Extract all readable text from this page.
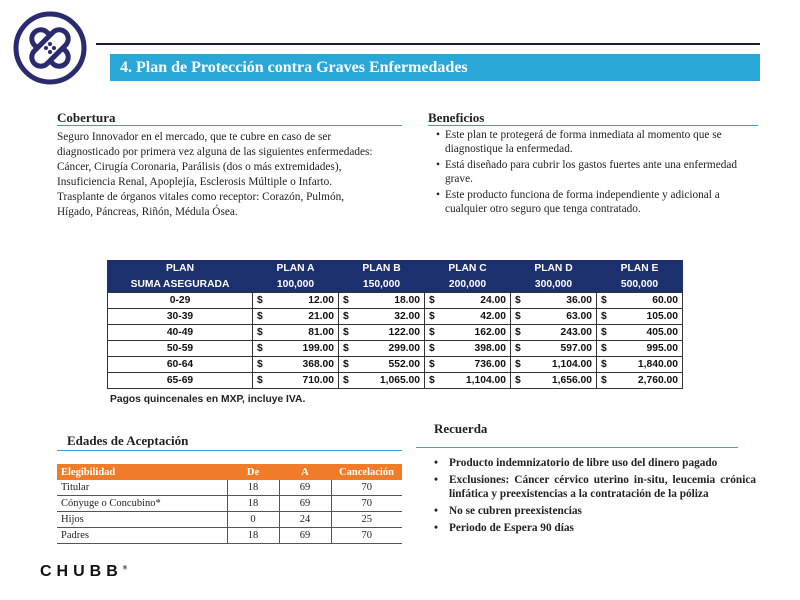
4. Plan de Protección contra Graves Enfermedades
Cobertura
Seguro Innovador en el mercado, que te cubre en caso de ser diagnosticado por primera vez alguna de las siguientes enfermedades: Cáncer, Cirugía Coronaria, Parálisis (dos o más extremidades), Insuficiencia Renal, Apoplejía, Esclerosis Múltiple o Infarto.
Trasplante de órganos vitales como receptor: Corazón, Pulmón, Hígado, Páncreas, Riñón, Médula Ósea.
Beneficios
• Este plan te protegerá de forma inmediata al momento que se diagnostique la enfermedad.
• Está diseñado para cubrir los gastos fuertes ante una enfermedad grave.
• Este producto funciona de forma independiente y adicional a cualquier otro seguro que tenga contratado.
PLAN	PLAN A	PLAN B	PLAN C	PLAN D	PLAN E
SUMA ASEGURADA	100,000	150,000	200,000	300,000	500,000
0-29	$ 12.00	$ 18.00	$ 24.00	$ 36.00	$ 60.00

30-39	$ 21.00	$ 32.00	$ 42.00	$ 63.00	$ 105.00

40-49	$ 81.00	$ 122.00	$ 162.00	$ 243.00	$ 405.00

50-59	$ 199.00	$ 299.00	$ 398.00	$ 597.00	$ 995.00

60-64	$ 368.00	$ 552.00	$ 736.00	$ 1,104.00	$ 1,840.00

65-69	$ 710.00	$ 1,065.00	$ 1,104.00	$ 1,656.00	$ 2,760.00
Pagos quincenales en MXP, incluye IVA.
Edades de Aceptación
Elegibilidad	De	A	Cancelación
Titular	18	69	70
Cónyuge o Concubino*	18	69	70
Hijos	0	24	25
Padres	18	69	70
Recuerda
• Producto indemnizatorio de libre uso del dinero pagado
• Exclusiones: Cáncer cérvico uterino in-situ, leucemia crónica linfática y preexistencias a la contratación de la póliza
• No se cubren preexistencias
• Periodo de Espera 90 días
CHUBB®
